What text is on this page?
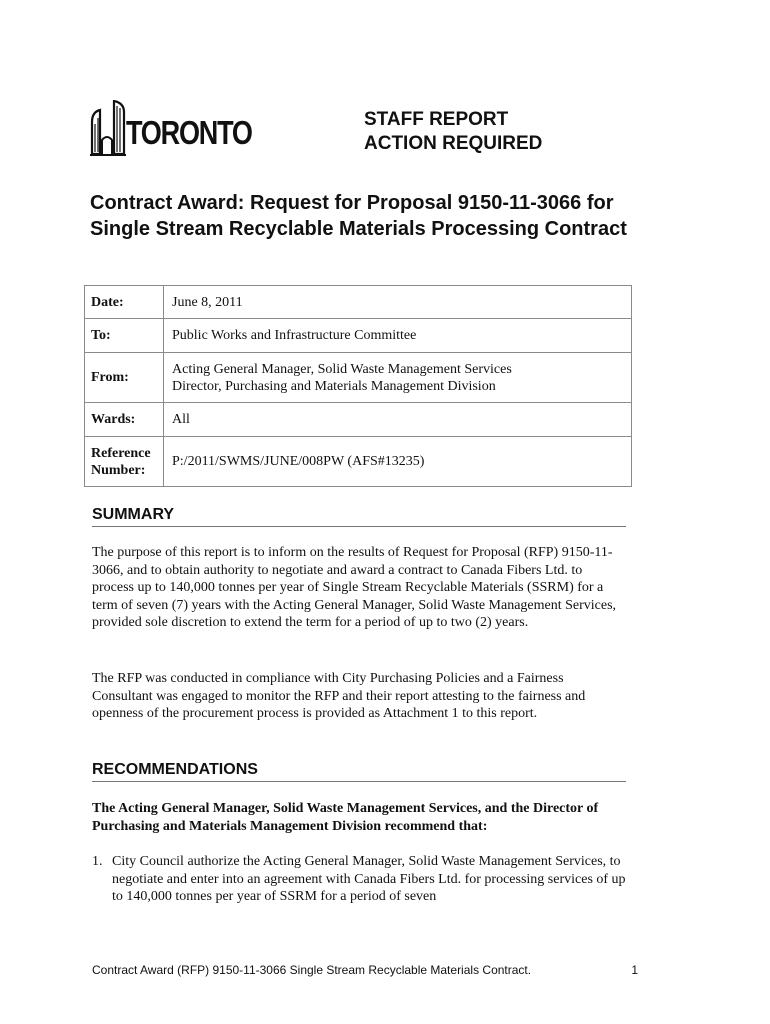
TORONTO	STAFF REPORT
ACTION REQUIRED
Contract Award: Request for Proposal 9150-11-3066 for Single Stream Recyclable Materials Processing Contract
Date:	June 8, 2011
To:	Public Works and Infrastructure Committee
From:	Acting General Manager, Solid Waste Management Services
Director, Purchasing and Materials Management Division

Wards:	All

Reference
Number:	P:/2011/SWMS/JUNE/008PW (AFS#13235)
SUMMARY
The purpose of this report is to inform on the results of Request for Proposal (RFP) 9150-11-3066, and to obtain authority to negotiate and award a contract to Canada Fibers Ltd. to process up to 140,000 tonnes per year of Single Stream Recyclable Materials (SSRM) for a term of seven (7) years with the Acting General Manager, Solid Waste Management Services, provided sole discretion to extend the term for a period of up to two (2) years.
The RFP was conducted in compliance with City Purchasing Policies and a Fairness Consultant was engaged to monitor the RFP and their report attesting to the fairness and openness of the procurement process is provided as Attachment 1 to this report.
RECOMMENDATIONS
The Acting General Manager, Solid Waste Management Services, and the Director of Purchasing and Materials Management Division recommend that:
1. City Council authorize the Acting General Manager, Solid Waste Management Services, to negotiate and enter into an agreement with Canada Fibers Ltd. for processing services of up to 140,000 tonnes per year of SSRM for a period of seven
Contract Award (RFP) 9150-11-3066 Single Stream Recyclable Materials Contract.	1
